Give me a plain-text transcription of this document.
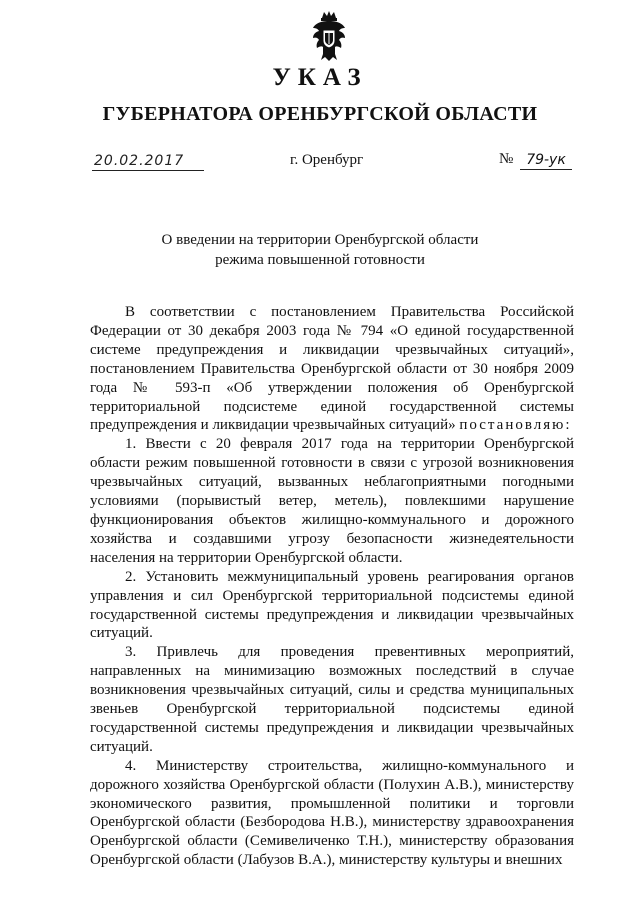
УКАЗ
ГУБЕРНАТОРА ОРЕНБУРГСКОЙ ОБЛАСТИ
20.02.2017	г. Оренбург	№ 79-ук
О введении на территории Оренбургской области
режима повышенной готовности

В соответствии с постановлением Правительства Российской Федерации от 30 декабря 2003 года № 794 «О единой государственной системе предупреждения и ликвидации чрезвычайных ситуаций», постановлением Правительства Оренбургской области от 30 ноября 2009 года № 593-п «Об утверждении положения об Оренбургской территориальной подсистеме единой государственной системы предупреждения и ликвидации чрезвычайных ситуаций» постановляю:

1. Ввести с 20 февраля 2017 года на территории Оренбургской области режим повышенной готовности в связи с угрозой возникновения чрезвычайных ситуаций, вызванных неблагоприятными погодными условиями (порывистый ветер, метель), повлекшими нарушение функционирования объектов жилищно-коммунального и дорожного хозяйства и создавшими угрозу безопасности жизнедеятельности населения на территории Оренбургской области.

2. Установить межмуниципальный уровень реагирования органов управления и сил Оренбургской территориальной подсистемы единой государственной системы предупреждения и ликвидации чрезвычайных ситуаций.

3. Привлечь для проведения превентивных мероприятий, направленных на минимизацию возможных последствий в случае возникновения чрезвычайных ситуаций, силы и средства муниципальных звеньев Оренбургской территориальной подсистемы единой государственной системы предупреждения и ликвидации чрезвычайных ситуаций.

4. Министерству строительства, жилищно-коммунального и дорожного хозяйства Оренбургской области (Полухин А.В.), министерству экономического развития, промышленной политики и торговли Оренбургской области (Безбородова Н.В.), министерству здравоохранения Оренбургской области (Семивеличенко Т.Н.), министерству образования Оренбургской области (Лабузов В.А.), министерству культуры и внешних
